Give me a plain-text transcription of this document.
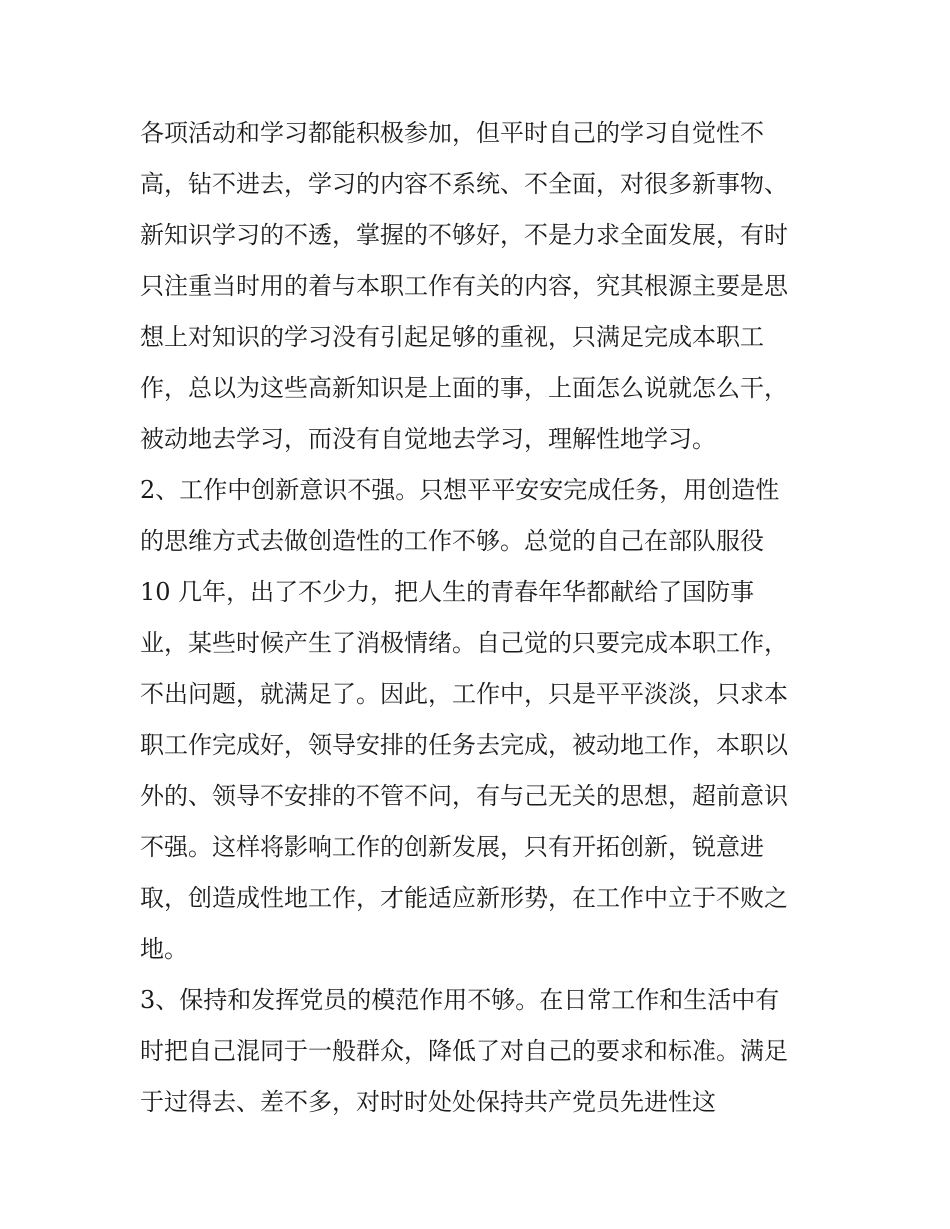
各项活动和学习都能积极参加，但平时自己的学习自觉性不
高，钻不进去，学习的内容不系统、不全面，对很多新事物、
新知识学习的不透，掌握的不够好，不是力求全面发展，有时
只注重当时用的着与本职工作有关的内容，究其根源主要是思
想上对知识的学习没有引起足够的重视，只满足完成本职工
作，总以为这些高新知识是上面的事，上面怎么说就怎么干，
被动地去学习，而没有自觉地去学习，理解性地学习。
2、工作中创新意识不强。只想平平安安完成任务，用创造性
的思维方式去做创造性的工作不够。总觉的自己在部队服役
10 几年，出了不少力，把人生的青春年华都献给了国防事
业，某些时候产生了消极情绪。自己觉的只要完成本职工作，
不出问题，就满足了。因此，工作中，只是平平淡淡，只求本
职工作完成好，领导安排的任务去完成，被动地工作，本职以
外的、领导不安排的不管不问，有与己无关的思想，超前意识
不强。这样将影响工作的创新发展，只有开拓创新，锐意进
取，创造成性地工作，才能适应新形势，在工作中立于不败之
地。
3、保持和发挥党员的模范作用不够。在日常工作和生活中有
时把自己混同于一般群众，降低了对自己的要求和标准。满足
于过得去、差不多，对时时处处保持共产党员先进性这
